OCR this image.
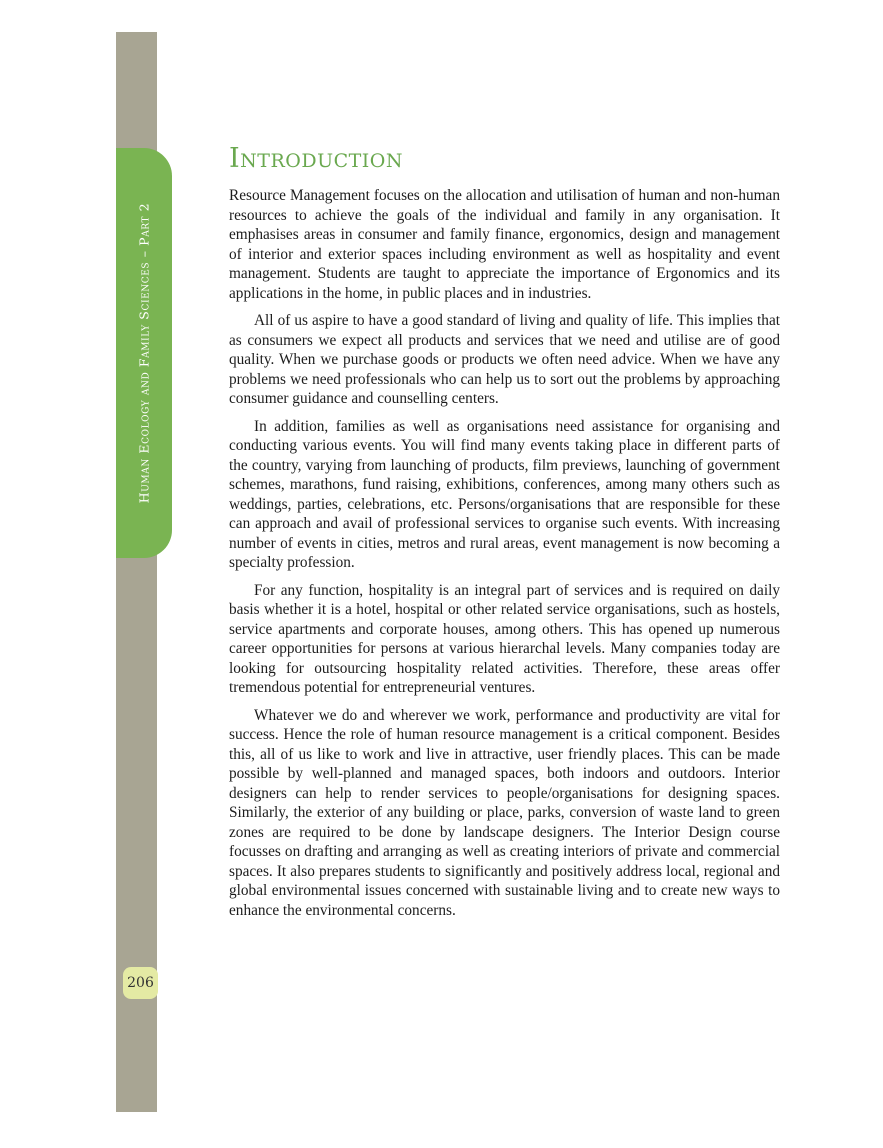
Human Ecology and Family Sciences – Part 2
206
Introduction

Resource Management focuses on the allocation and utilisation of human and non-human resources to achieve the goals of the individual and family in any organisation. It emphasises areas in consumer and family finance, ergonomics, design and management of interior and exterior spaces including environment as well as hospitality and event management. Students are taught to appreciate the importance of Ergonomics and its applications in the home, in public places and in industries.

All of us aspire to have a good standard of living and quality of life. This implies that as consumers we expect all products and services that we need and utilise are of good quality. When we purchase goods or products we often need advice. When we have any problems we need professionals who can help us to sort out the problems by approaching consumer guidance and counselling centers.

In addition, families as well as organisations need assistance for organising and conducting various events. You will find many events taking place in different parts of the country, varying from launching of products, film previews, launching of government schemes, marathons, fund raising, exhibitions, conferences, among many others such as weddings, parties, celebrations, etc. Persons/organisations that are responsible for these can approach and avail of professional services to organise such events. With increasing number of events in cities, metros and rural areas, event management is now becoming a specialty profession.

For any function, hospitality is an integral part of services and is required on daily basis whether it is a hotel, hospital or other related service organisations, such as hostels, service apartments and corporate houses, among others. This has opened up numerous career opportunities for persons at various hierarchal levels. Many companies today are looking for outsourcing hospitality related activities. Therefore, these areas offer tremendous potential for entrepreneurial ventures.

Whatever we do and wherever we work, performance and productivity are vital for success. Hence the role of human resource management is a critical component. Besides this, all of us like to work and live in attractive, user friendly places. This can be made possible by well-planned and managed spaces, both indoors and outdoors. Interior designers can help to render services to people/organisations for designing spaces. Similarly, the exterior of any building or place, parks, conversion of waste land to green zones are required to be done by landscape designers. The Interior Design course focusses on drafting and arranging as well as creating interiors of private and commercial spaces. It also prepares students to significantly and positively address local, regional and global environmental issues concerned with sustainable living and to create new ways to enhance the environmental concerns.
